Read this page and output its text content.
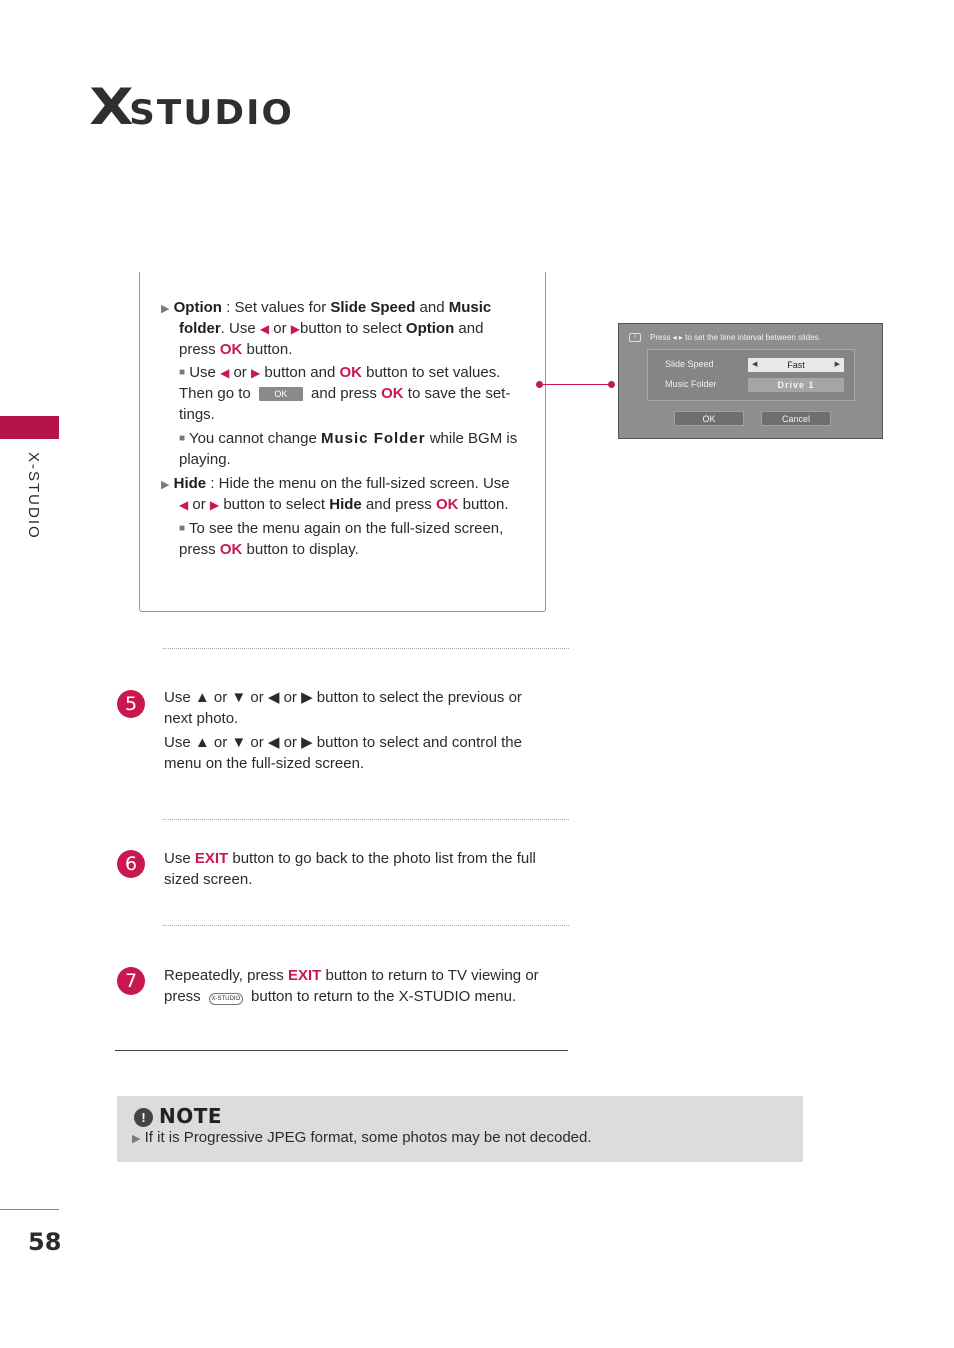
XSTUDIO
X-STUDIO
58
▶ Option : Set values for Slide Speed and Music
folder. Use ◀ or ▶button to select Option and
press OK button.
■ Use ◀ or ▶ button and OK button to set values.
Then go to OK and press OK to save the set-
tings.
■ You cannot change Music Folder while BGM is
playing.
▶ Hide : Hide the menu on the full-sized screen. Use
◀ or ▶ button to select Hide and press OK button.
■ To see the menu again on the full-sized screen,
press OK button to display.
i	Press ◂ ▸ to set the time interval between slides.
Slide Speed	◀	Fast	▶
Music Folder	Drive 1
OK	Cancel
5	Use ▲ or ▼ or ◀ or ▶ button to select the previous or
next photo.
Use ▲ or ▼ or ◀ or ▶ button to select and control the
menu on the full-sized screen.
6	Use EXIT button to go back to the photo list from the full
sized screen.
7	Repeatedly, press EXIT button to return to TV viewing or
press X-STUDIO button to return to the X-STUDIO menu.
! NOTE
▶ If it is Progressive JPEG format, some photos may be not decoded.
